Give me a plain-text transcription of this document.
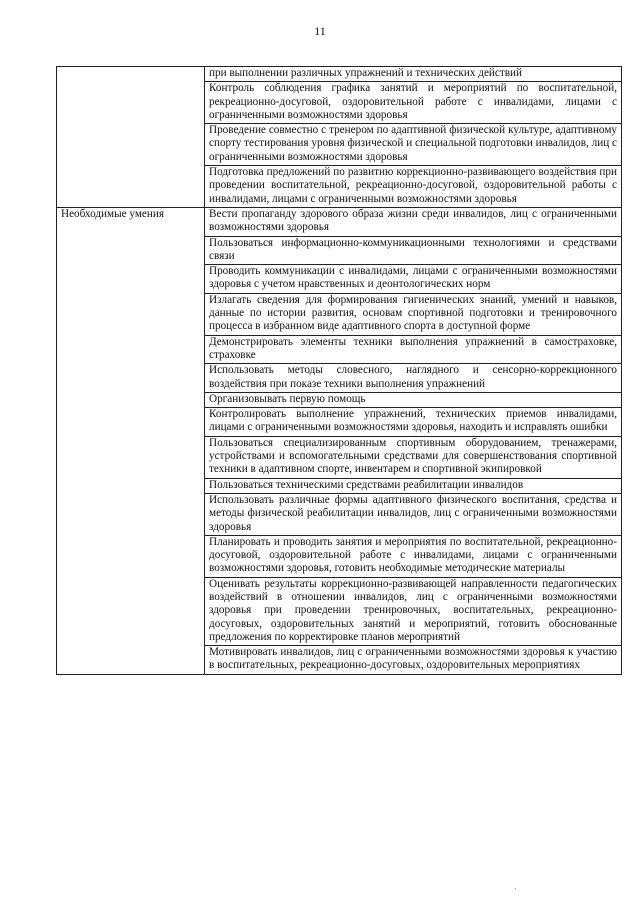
11
	при выполнении различных упражнений и технических действий
	Контроль соблюдения графика занятий и мероприятий по воспитательной, рекреационно-досуговой, оздоровительной работе с инвалидами, лицами с ограниченными возможностями здоровья
	Проведение совместно с тренером по адаптивной физической культуре, адаптивному спорту тестирования уровня физической и специальной подготовки инвалидов, лиц с ограниченными возможностями здоровья
	Подготовка предложений по развитию коррекционно-развивающего воздействия при проведении воспитательной, рекреационно-досуговой, оздоровительной работы с инвалидами, лицами с ограниченными возможностями здоровья
Необходимые умения	Вести пропаганду здорового образа жизни среди инвалидов, лиц с ограниченными возможностями здоровья
	Пользоваться информационно-коммуникационными технологиями и средствами связи
	Проводить коммуникации с инвалидами, лицами с ограниченными возможностями здоровья с учетом нравственных и деонтологических норм
	Излагать сведения для формирования гигиенических знаний, умений и навыков, данные по истории развития, основам спортивной подготовки и тренировочного процесса в избранном виде адаптивного спорта в доступной форме
	Демонстрировать элементы техники выполнения упражнений в самостраховке, страховке
	Использовать методы словесного, наглядного и сенсорно-коррекционного воздействия при показе техники выполнения упражнений
	Организовывать первую помощь
	Контролировать выполнение упражнений, технических приемов инвалидами, лицами с ограниченными возможностями здоровья, находить и исправлять ошибки
	Пользоваться специализированным спортивным оборудованием, тренажерами, устройствами и вспомогательными средствами для совершенствования спортивной техники в адаптивном спорте, инвентарем и спортивной экипировкой
	Пользоваться техническими средствами реабилитации инвалидов
	Использовать различные формы адаптивного физического воспитания, средства и методы физической реабилитации инвалидов, лиц с ограниченными возможностями здоровья
	Планировать и проводить занятия и мероприятия по воспитательной, рекреационно-досуговой, оздоровительной работе с инвалидами, лицами с ограниченными возможностями здоровья, готовить необходимые методические материалы
	Оценивать результаты коррекционно-развивающей направленности педагогических воздействий в отношении инвалидов, лиц с ограниченными возможностями здоровья при проведении тренировочных, воспитательных, рекреационно-досуговых, оздоровительных занятий и мероприятий, готовить обоснованные предложения по корректировке планов мероприятий
	Мотивировать инвалидов, лиц с ограниченными возможностями здоровья к участию в воспитательных, рекреационно-досуговых, оздоровительных мероприятиях
·
